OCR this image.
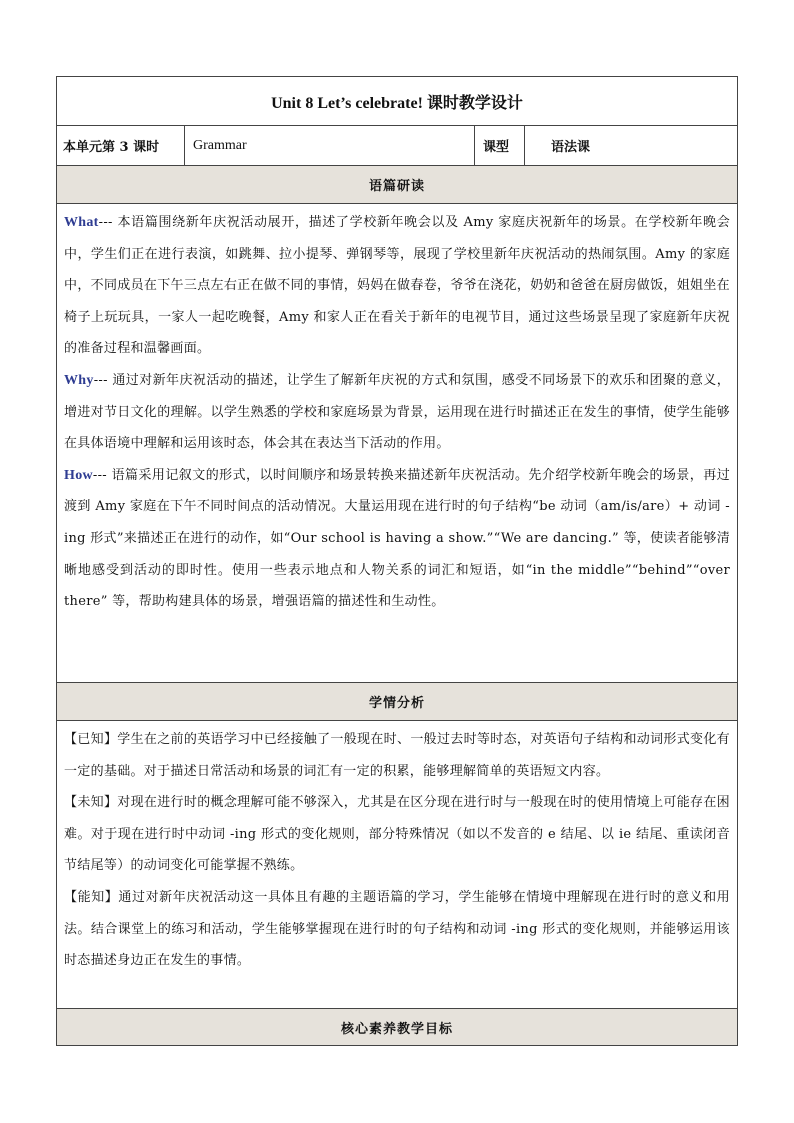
Unit 8 Let’s celebrate! 课时教学设计
本单元第 3 课时	Grammar	课型	语法课
语篇研读

What--- 本语篇围绕新年庆祝活动展开，描述了学校新年晚会以及 Amy 家庭庆祝新年的场景。在学校新年晚会中，学生们正在进行表演，如跳舞、拉小提琴、弹钢琴等，展现了学校里新年庆祝活动的热闹氛围。Amy 的家庭中，不同成员在下午三点左右正在做不同的事情，妈妈在做春卷，爷爷在浇花，奶奶和爸爸在厨房做饭，姐姐坐在椅子上玩玩具，一家人一起吃晚餐，Amy 和家人正在看关于新年的电视节目，通过这些场景呈现了家庭新年庆祝的准备过程和温馨画面。

Why--- 通过对新年庆祝活动的描述，让学生了解新年庆祝的方式和氛围，感受不同场景下的欢乐和团聚的意义，增进对节日文化的理解。以学生熟悉的学校和家庭场景为背景，运用现在进行时描述正在发生的事情，使学生能够在具体语境中理解和运用该时态，体会其在表达当下活动的作用。

How--- 语篇采用记叙文的形式，以时间顺序和场景转换来描述新年庆祝活动。先介绍学校新年晚会的场景，再过渡到 Amy 家庭在下午不同时间点的活动情况。大量运用现在进行时的句子结构“be 动词（am/is/are）+ 动词 -ing 形式”来描述正在进行的动作，如“Our school is having a show.”“We are dancing.” 等，使读者能够清晰地感受到活动的即时性。使用一些表示地点和人物关系的词汇和短语，如“in the middle”“behind”“over there” 等，帮助构建具体的场景，增强语篇的描述性和生动性。

学情分析

【已知】学生在之前的英语学习中已经接触了一般现在时、一般过去时等时态，对英语句子结构和动词形式变化有一定的基础。对于描述日常活动和场景的词汇有一定的积累，能够理解简单的英语短文内容。

【未知】对现在进行时的概念理解可能不够深入，尤其是在区分现在进行时与一般现在时的使用情境上可能存在困难。对于现在进行时中动词 -ing 形式的变化规则，部分特殊情况（如以不发音的 e 结尾、以 ie 结尾、重读闭音节结尾等）的动词变化可能掌握不熟练。

【能知】通过对新年庆祝活动这一具体且有趣的主题语篇的学习，学生能够在情境中理解现在进行时的意义和用法。结合课堂上的练习和活动，学生能够掌握现在进行时的句子结构和动词 -ing 形式的变化规则，并能够运用该时态描述身边正在发生的事情。

核心素养教学目标
